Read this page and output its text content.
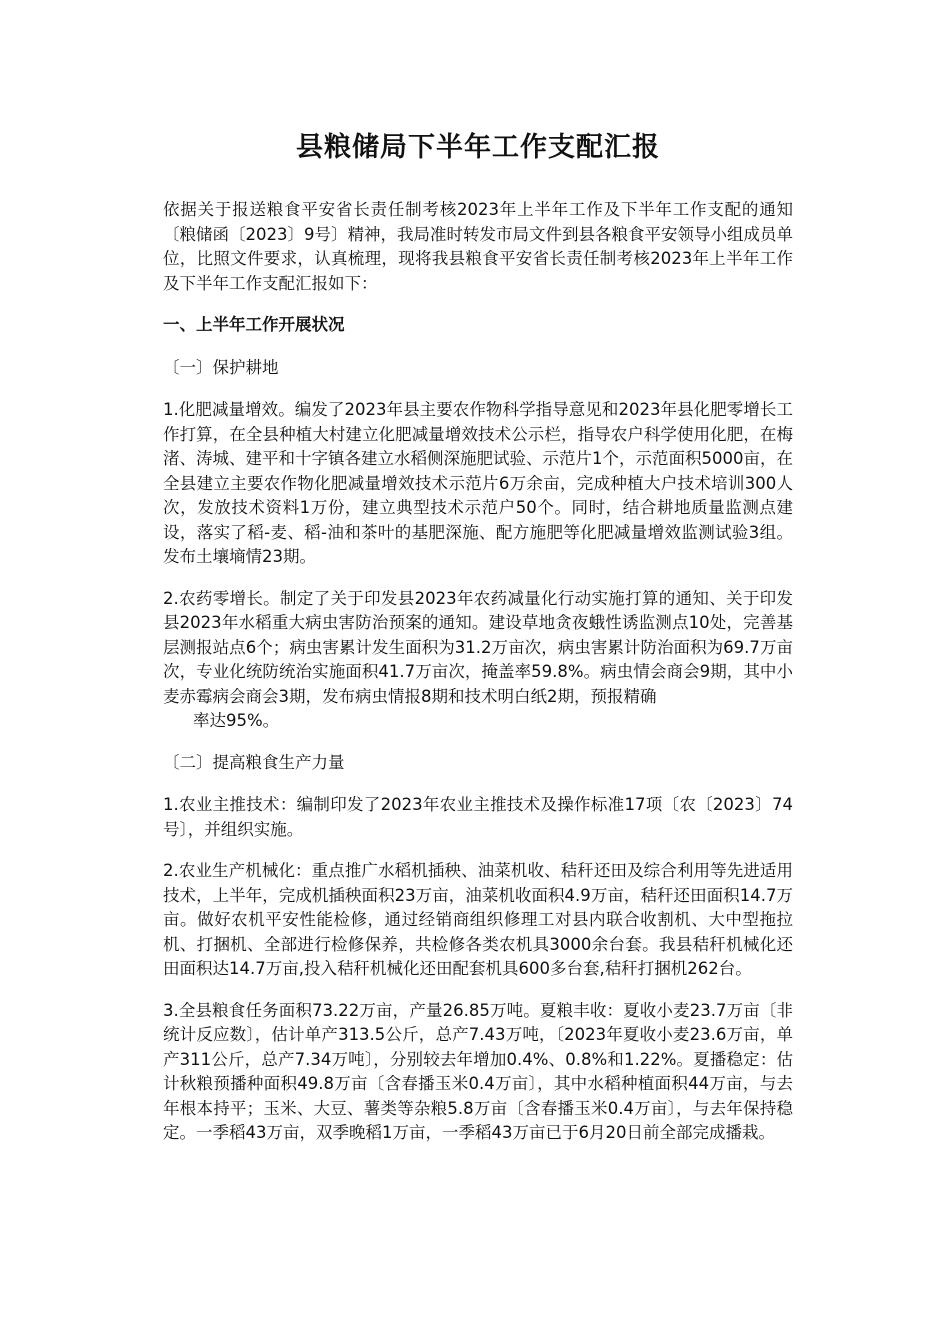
县粮储局下半年工作支配汇报

依据关于报送粮食平安省长责任制考核2023年上半年工作及下半年工作支配的通知〔粮储函〔2023〕9号〕精神，我局准时转发市局文件到县各粮食平安领导小组成员单位，比照文件要求，认真梳理，现将我县粮食平安省长责任制考核2023年上半年工作及下半年工作支配汇报如下：

一、上半年工作开展状况

〔一〕保护耕地

1.化肥减量增效。编发了2023年县主要农作物科学指导意见和2023年县化肥零增长工作打算，在全县种植大村建立化肥减量增效技术公示栏，指导农户科学使用化肥，在梅渚、涛城、建平和十字镇各建立水稻侧深施肥试验、示范片1个，示范面积5000亩，在全县建立主要农作物化肥减量增效技术示范片6万余亩，完成种植大户技术培训300人次，发放技术资料1万份，建立典型技术示范户50个。同时，结合耕地质量监测点建设，落实了稻-麦、稻-油和茶叶的基肥深施、配方施肥等化肥减量增效监测试验3组。发布土壤墒情23期。

2.农药零增长。制定了关于印发县2023年农药减量化行动实施打算的通知、关于印发县2023年水稻重大病虫害防治预案的通知。建设草地贪夜蛾性诱监测点10处，完善基层测报站点6个；病虫害累计发生面积为31.2万亩次，病虫害累计防治面积为69.7万亩次，专业化统防统治实施面积41.7万亩次，掩盖率59.8%。病虫情会商会9期，其中小麦赤霉病会商会3期，发布病虫情报8期和技术明白纸2期，预报精确
率达95%。

〔二〕提高粮食生产力量

1.农业主推技术：编制印发了2023年农业主推技术及操作标准17项〔农〔2023〕74号〕，并组织实施。

2.农业生产机械化：重点推广水稻机插秧、油菜机收、秸秆还田及综合利用等先进适用技术，上半年，完成机插秧面积23万亩，油菜机收面积4.9万亩，秸秆还田面积14.7万亩。做好农机平安性能检修，通过经销商组织修理工对县内联合收割机、大中型拖拉机、打捆机、全部进行检修保养，共检修各类农机具3000余台套。我县秸秆机械化还田面积达14.7万亩,投入秸秆机械化还田配套机具600多台套,秸秆打捆机262台。

3.全县粮食任务面积73.22万亩，产量26.85万吨。夏粮丰收：夏收小麦23.7万亩〔非统计反应数〕，估计单产313.5公斤，总产7.43万吨，〔2023年夏收小麦23.6万亩，单产311公斤，总产7.34万吨〕，分别较去年增加0.4%、0.8%和1.22%。夏播稳定：估计秋粮预播种面积49.8万亩〔含春播玉米0.4万亩〕，其中水稻种植面积44万亩，与去年根本持平；玉米、大豆、薯类等杂粮5.8万亩〔含春播玉米0.4万亩〕，与去年保持稳定。一季稻43万亩，双季晚稻1万亩，一季稻43万亩已于6月20日前全部完成播栽。
